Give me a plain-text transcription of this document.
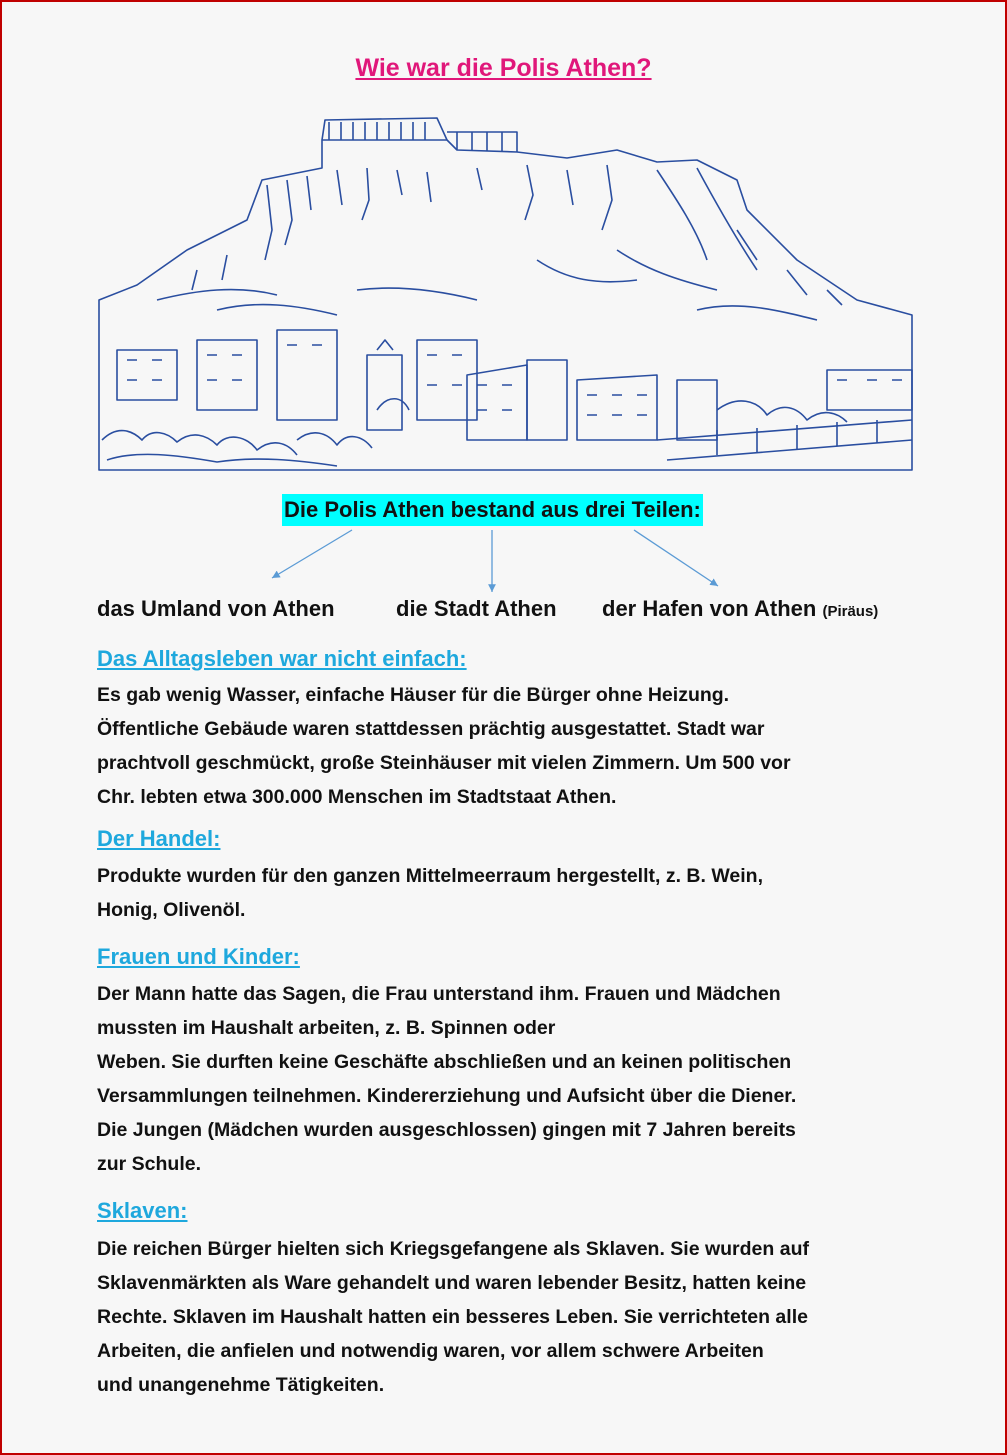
Wie war die Polis Athen?
Die Polis Athen bestand aus drei Teilen:
das Umland von Athen	die Stadt Athen der Hafen von Athen (Piräus)
Das Alltagsleben war nicht einfach:
Es gab wenig Wasser, einfache Häuser für die Bürger ohne Heizung.
Öffentliche Gebäude waren stattdessen prächtig ausgestattet. Stadt war
prachtvoll geschmückt, große Steinhäuser mit vielen Zimmern. Um 500 vor
Chr. lebten etwa 300.000 Menschen im Stadtstaat Athen.
Der Handel:
Produkte wurden für den ganzen Mittelmeerraum hergestellt, z. B. Wein,
Honig, Olivenöl.
Frauen und Kinder:
Der Mann hatte das Sagen, die Frau unterstand ihm. Frauen und Mädchen
mussten im Haushalt arbeiten, z. B. Spinnen oder
Weben. Sie durften keine Geschäfte abschließen und an keinen politischen
Versammlungen teilnehmen. Kindererziehung und Aufsicht über die Diener.
Die Jungen (Mädchen wurden ausgeschlossen) gingen mit 7 Jahren bereits
zur Schule.
Sklaven:
Die reichen Bürger hielten sich Kriegsgefangene als Sklaven. Sie wurden auf
Sklavenmärkten als Ware gehandelt und waren lebender Besitz, hatten keine
Rechte. Sklaven im Haushalt hatten ein besseres Leben. Sie verrichteten alle
Arbeiten, die anfielen und notwendig waren, vor allem schwere Arbeiten
und unangenehme Tätigkeiten.
